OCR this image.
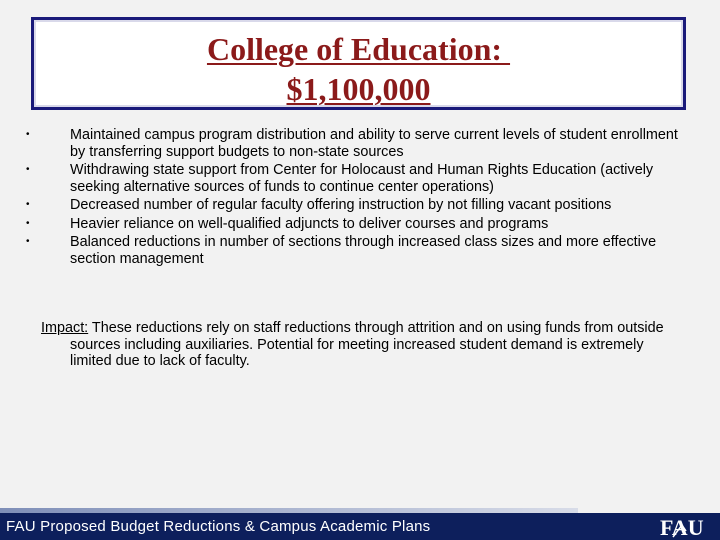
College of Education:
$1,100,000
•	Maintained campus program distribution and ability to serve current levels of student enrollment by transferring support budgets to non-state sources
•	Withdrawing state support from Center for Holocaust and Human Rights Education (actively seeking alternative sources of funds to continue center operations)
•	Decreased number of regular faculty offering instruction by not filling vacant positions
•	Heavier reliance on well-qualified adjuncts to deliver courses and programs
•	Balanced reductions in number of sections through increased class sizes and more effective section management
Impact: These reductions rely on staff reductions through attrition and on using funds from outside sources including auxiliaries. Potential for meeting increased student demand is extremely limited due to lack of faculty.
FAU Proposed Budget Reductions & Campus Academic Plans	FAU
